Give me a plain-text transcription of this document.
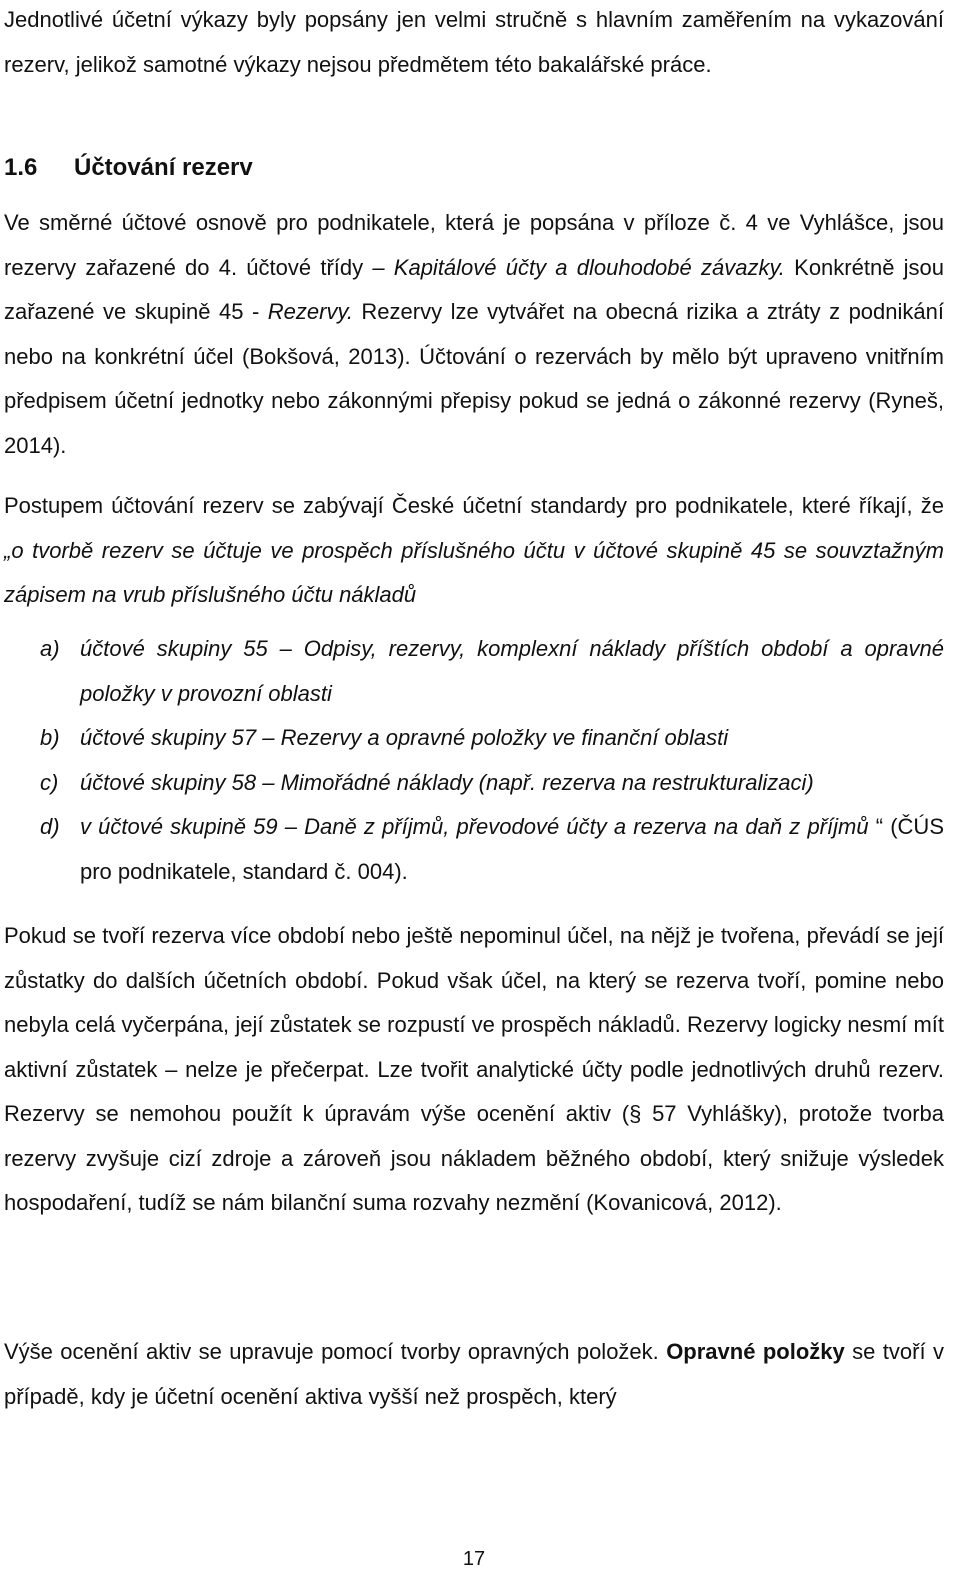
Jednotlivé účetní výkazy byly popsány jen velmi stručně s hlavním zaměřením na vykazování rezerv, jelikož samotné výkazy nejsou předmětem této bakalářské práce.

1.6 Účtování rezerv

Ve směrné účtové osnově pro podnikatele, která je popsána v příloze č. 4 ve Vyhlášce, jsou rezervy zařazené do 4. účtové třídy – Kapitálové účty a dlouhodobé závazky. Konkrétně jsou zařazené ve skupině 45 - Rezervy. Rezervy lze vytvářet na obecná rizika a ztráty z podnikání nebo na konkrétní účel (Bokšová, 2013). Účtování o rezervách by mělo být upraveno vnitřním předpisem účetní jednotky nebo zákonnými přepisy pokud se jedná o zákonné rezervy (Ryneš, 2014).

Postupem účtování rezerv se zabývají České účetní standardy pro podnikatele, které říkají, že „o tvorbě rezerv se účtuje ve prospěch příslušného účtu v účtové skupině 45 se souvztažným zápisem na vrub příslušného účtu nákladů

a) účtové skupiny 55 – Odpisy, rezervy, komplexní náklady příštích období a opravné položky v provozní oblasti
b) účtové skupiny 57 – Rezervy a opravné položky ve finanční oblasti
c) účtové skupiny 58 – Mimořádné náklady (např. rezerva na restrukturalizaci)
d) v účtové skupině 59 – Daně z příjmů, převodové účty a rezerva na daň z příjmů “ (ČÚS pro podnikatele, standard č. 004).

Pokud se tvoří rezerva více období nebo ještě nepominul účel, na nějž je tvořena, převádí se její zůstatky do dalších účetních období. Pokud však účel, na který se rezerva tvoří, pomine nebo nebyla celá vyčerpána, její zůstatek se rozpustí ve prospěch nákladů. Rezervy logicky nesmí mít aktivní zůstatek – nelze je přečerpat. Lze tvořit analytické účty podle jednotlivých druhů rezerv. Rezervy se nemohou použít k úpravám výše ocenění aktiv (§ 57 Vyhlášky), protože tvorba rezervy zvyšuje cizí zdroje a zároveň jsou nákladem běžného období, který snižuje výsledek hospodaření, tudíž se nám bilanční suma rozvahy nezmění (Kovanicová, 2012).

Výše ocenění aktiv se upravuje pomocí tvorby opravných položek. Opravné položky se tvoří v případě, kdy je účetní ocenění aktiva vyšší než prospěch, který

17
